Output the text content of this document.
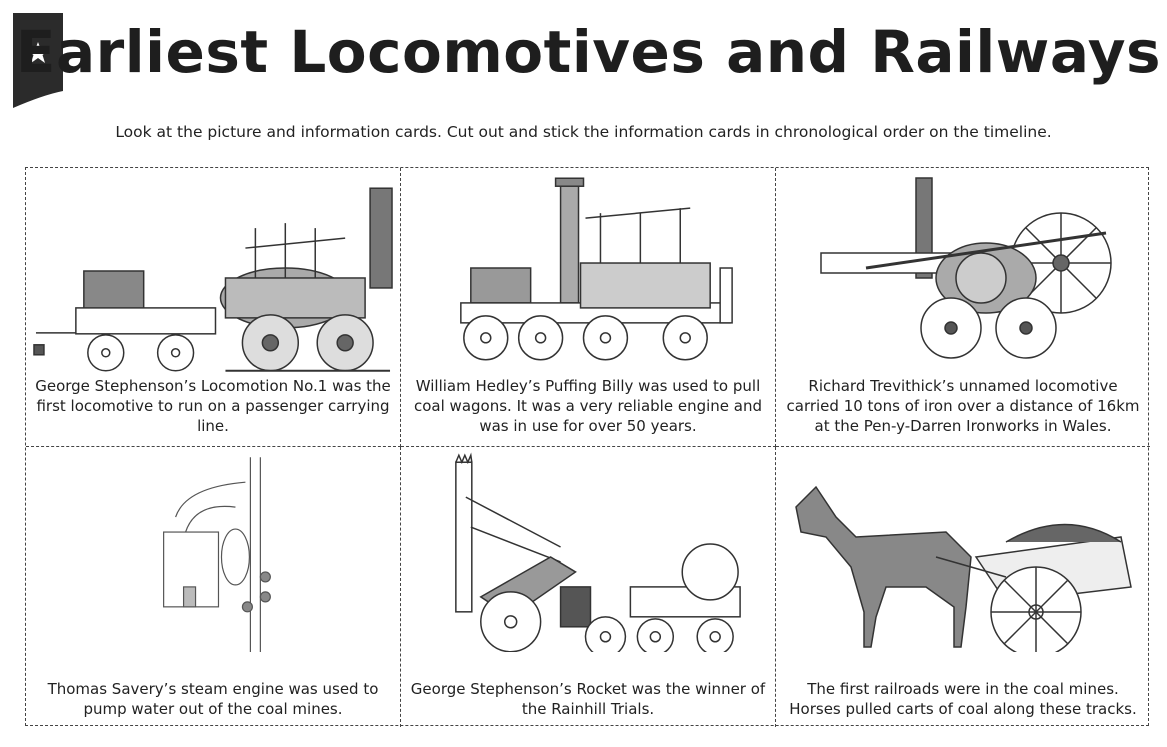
Earliest Locomotives and Railways
Look at the picture and information cards. Cut out and stick the information cards in chronological order on the timeline.
George Stephenson’s Locomotion No.1 was the first locomotive to run on a passenger carrying line.
William Hedley’s Puffing Billy was used to pull coal wagons. It was a very reliable engine and was in use for over 50 years.
Richard Trevithick’s unnamed locomotive carried 10 tons of iron over a distance of 16km at the Pen-y-Darren Ironworks in Wales.
Thomas Savery’s steam engine was used to pump water out of the coal mines.
George Stephenson’s Rocket was the winner of the Rainhill Trials.
The first railroads were in the coal mines. Horses pulled carts of coal along these tracks.
